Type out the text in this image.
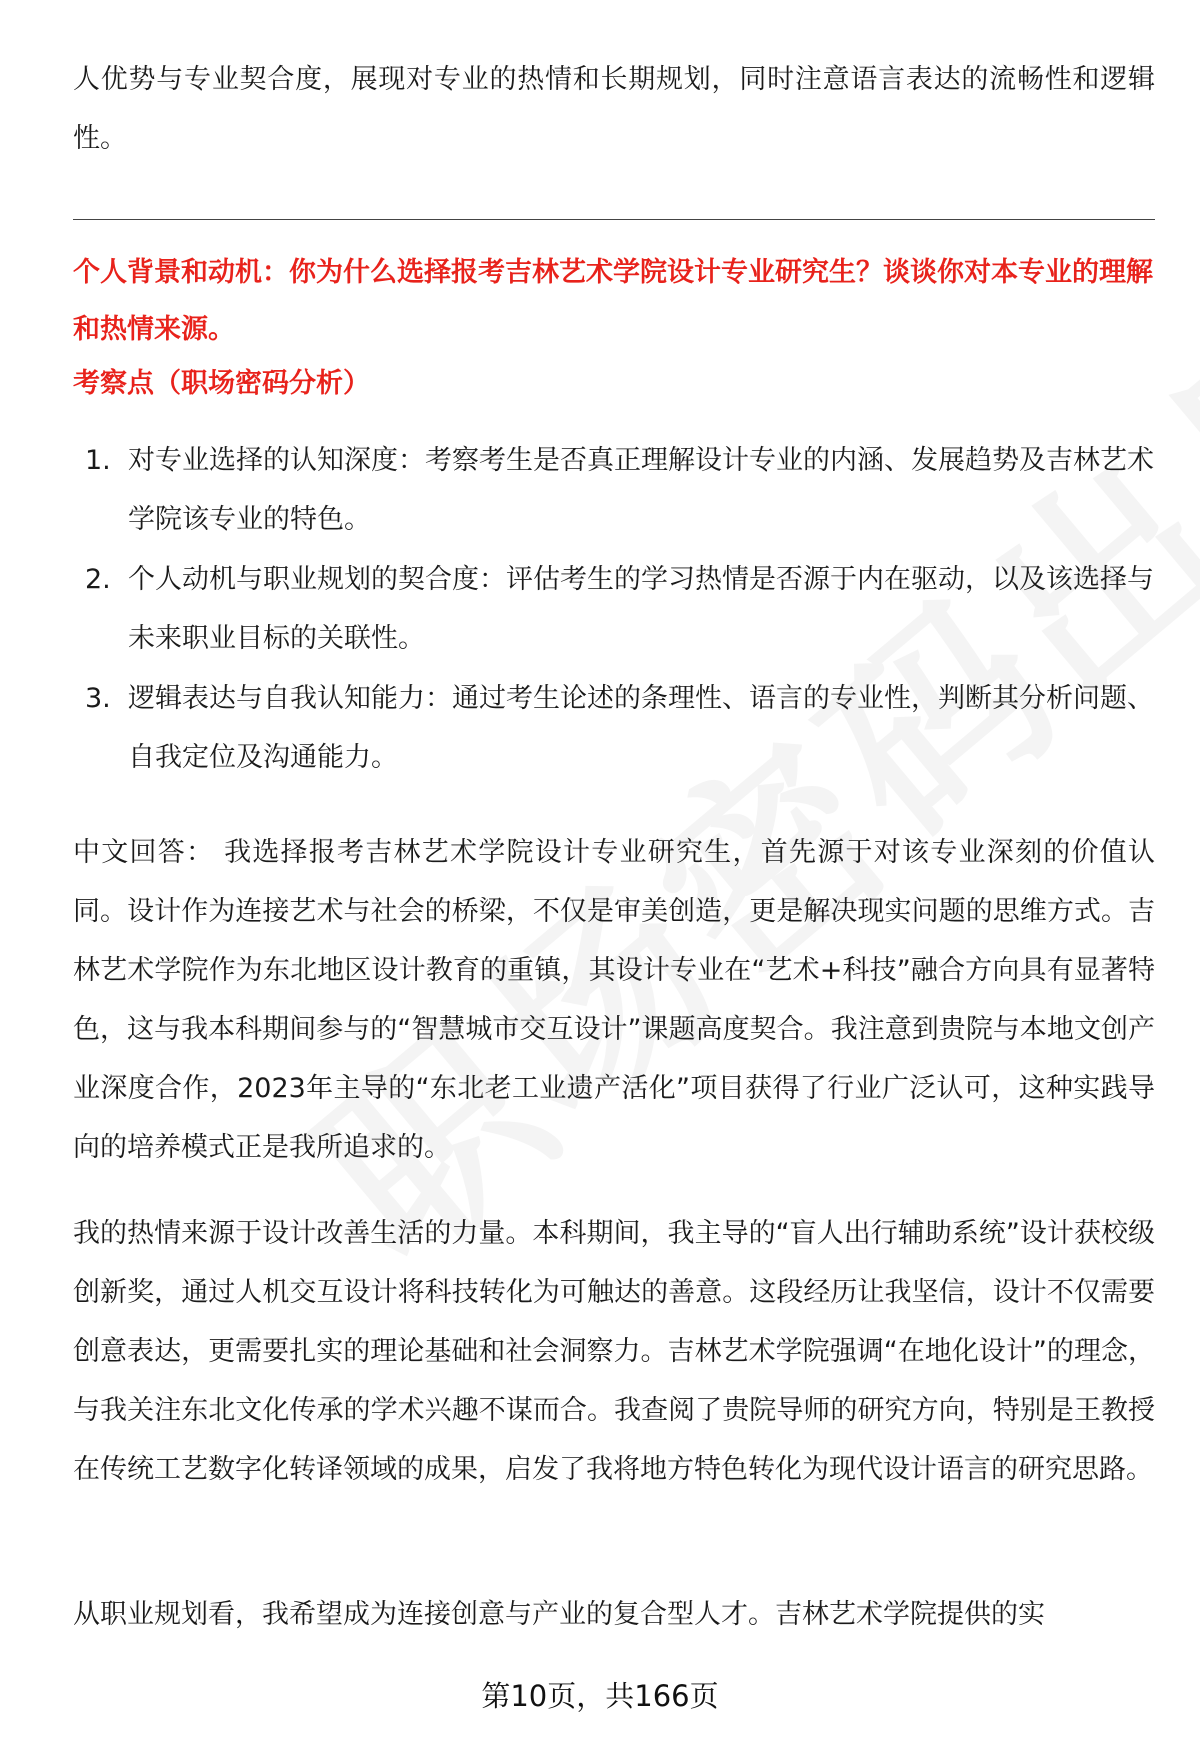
人优势与专业契合度，展现对专业的热情和长期规划，同时注意语言表达的流畅性和逻辑性。

个人背景和动机：你为什么选择报考吉林艺术学院设计专业研究生？谈谈你对本专业的理解和热情来源。

考察点（职场密码分析）

1. 对专业选择的认知深度：考察考生是否真正理解设计专业的内涵、发展趋势及吉林艺术学院该专业的特色。
2. 个人动机与职业规划的契合度：评估考生的学习热情是否源于内在驱动，以及该选择与未来职业目标的关联性。
3. 逻辑表达与自我认知能力：通过考生论述的条理性、语言的专业性，判断其分析问题、自我定位及沟通能力。

中文回答： 我选择报考吉林艺术学院设计专业研究生，首先源于对该专业深刻的价值认同。设计作为连接艺术与社会的桥梁，不仅是审美创造，更是解决现实问题的思维方式。吉林艺术学院作为东北地区设计教育的重镇，其设计专业在“艺术+科技”融合方向具有显著特色，这与我本科期间参与的“智慧城市交互设计”课题高度契合。我注意到贵院与本地文创产业深度合作，2023年主导的“东北老工业遗产活化”项目获得了行业广泛认可，这种实践导向的培养模式正是我所追求的。

我的热情来源于设计改善生活的力量。本科期间，我主导的“盲人出行辅助系统”设计获校级创新奖，通过人机交互设计将科技转化为可触达的善意。这段经历让我坚信，设计不仅需要创意表达，更需要扎实的理论基础和社会洞察力。吉林艺术学院强调“在地化设计”的理念，与我关注东北文化传承的学术兴趣不谋而合。我查阅了贵院导师的研究方向，特别是王教授在传统工艺数字化转译领域的成果，启发了我将地方特色转化为现代设计语言的研究思路。

从职业规划看，我希望成为连接创意与产业的复合型人才。吉林艺术学院提供的实

第10页，共166页
